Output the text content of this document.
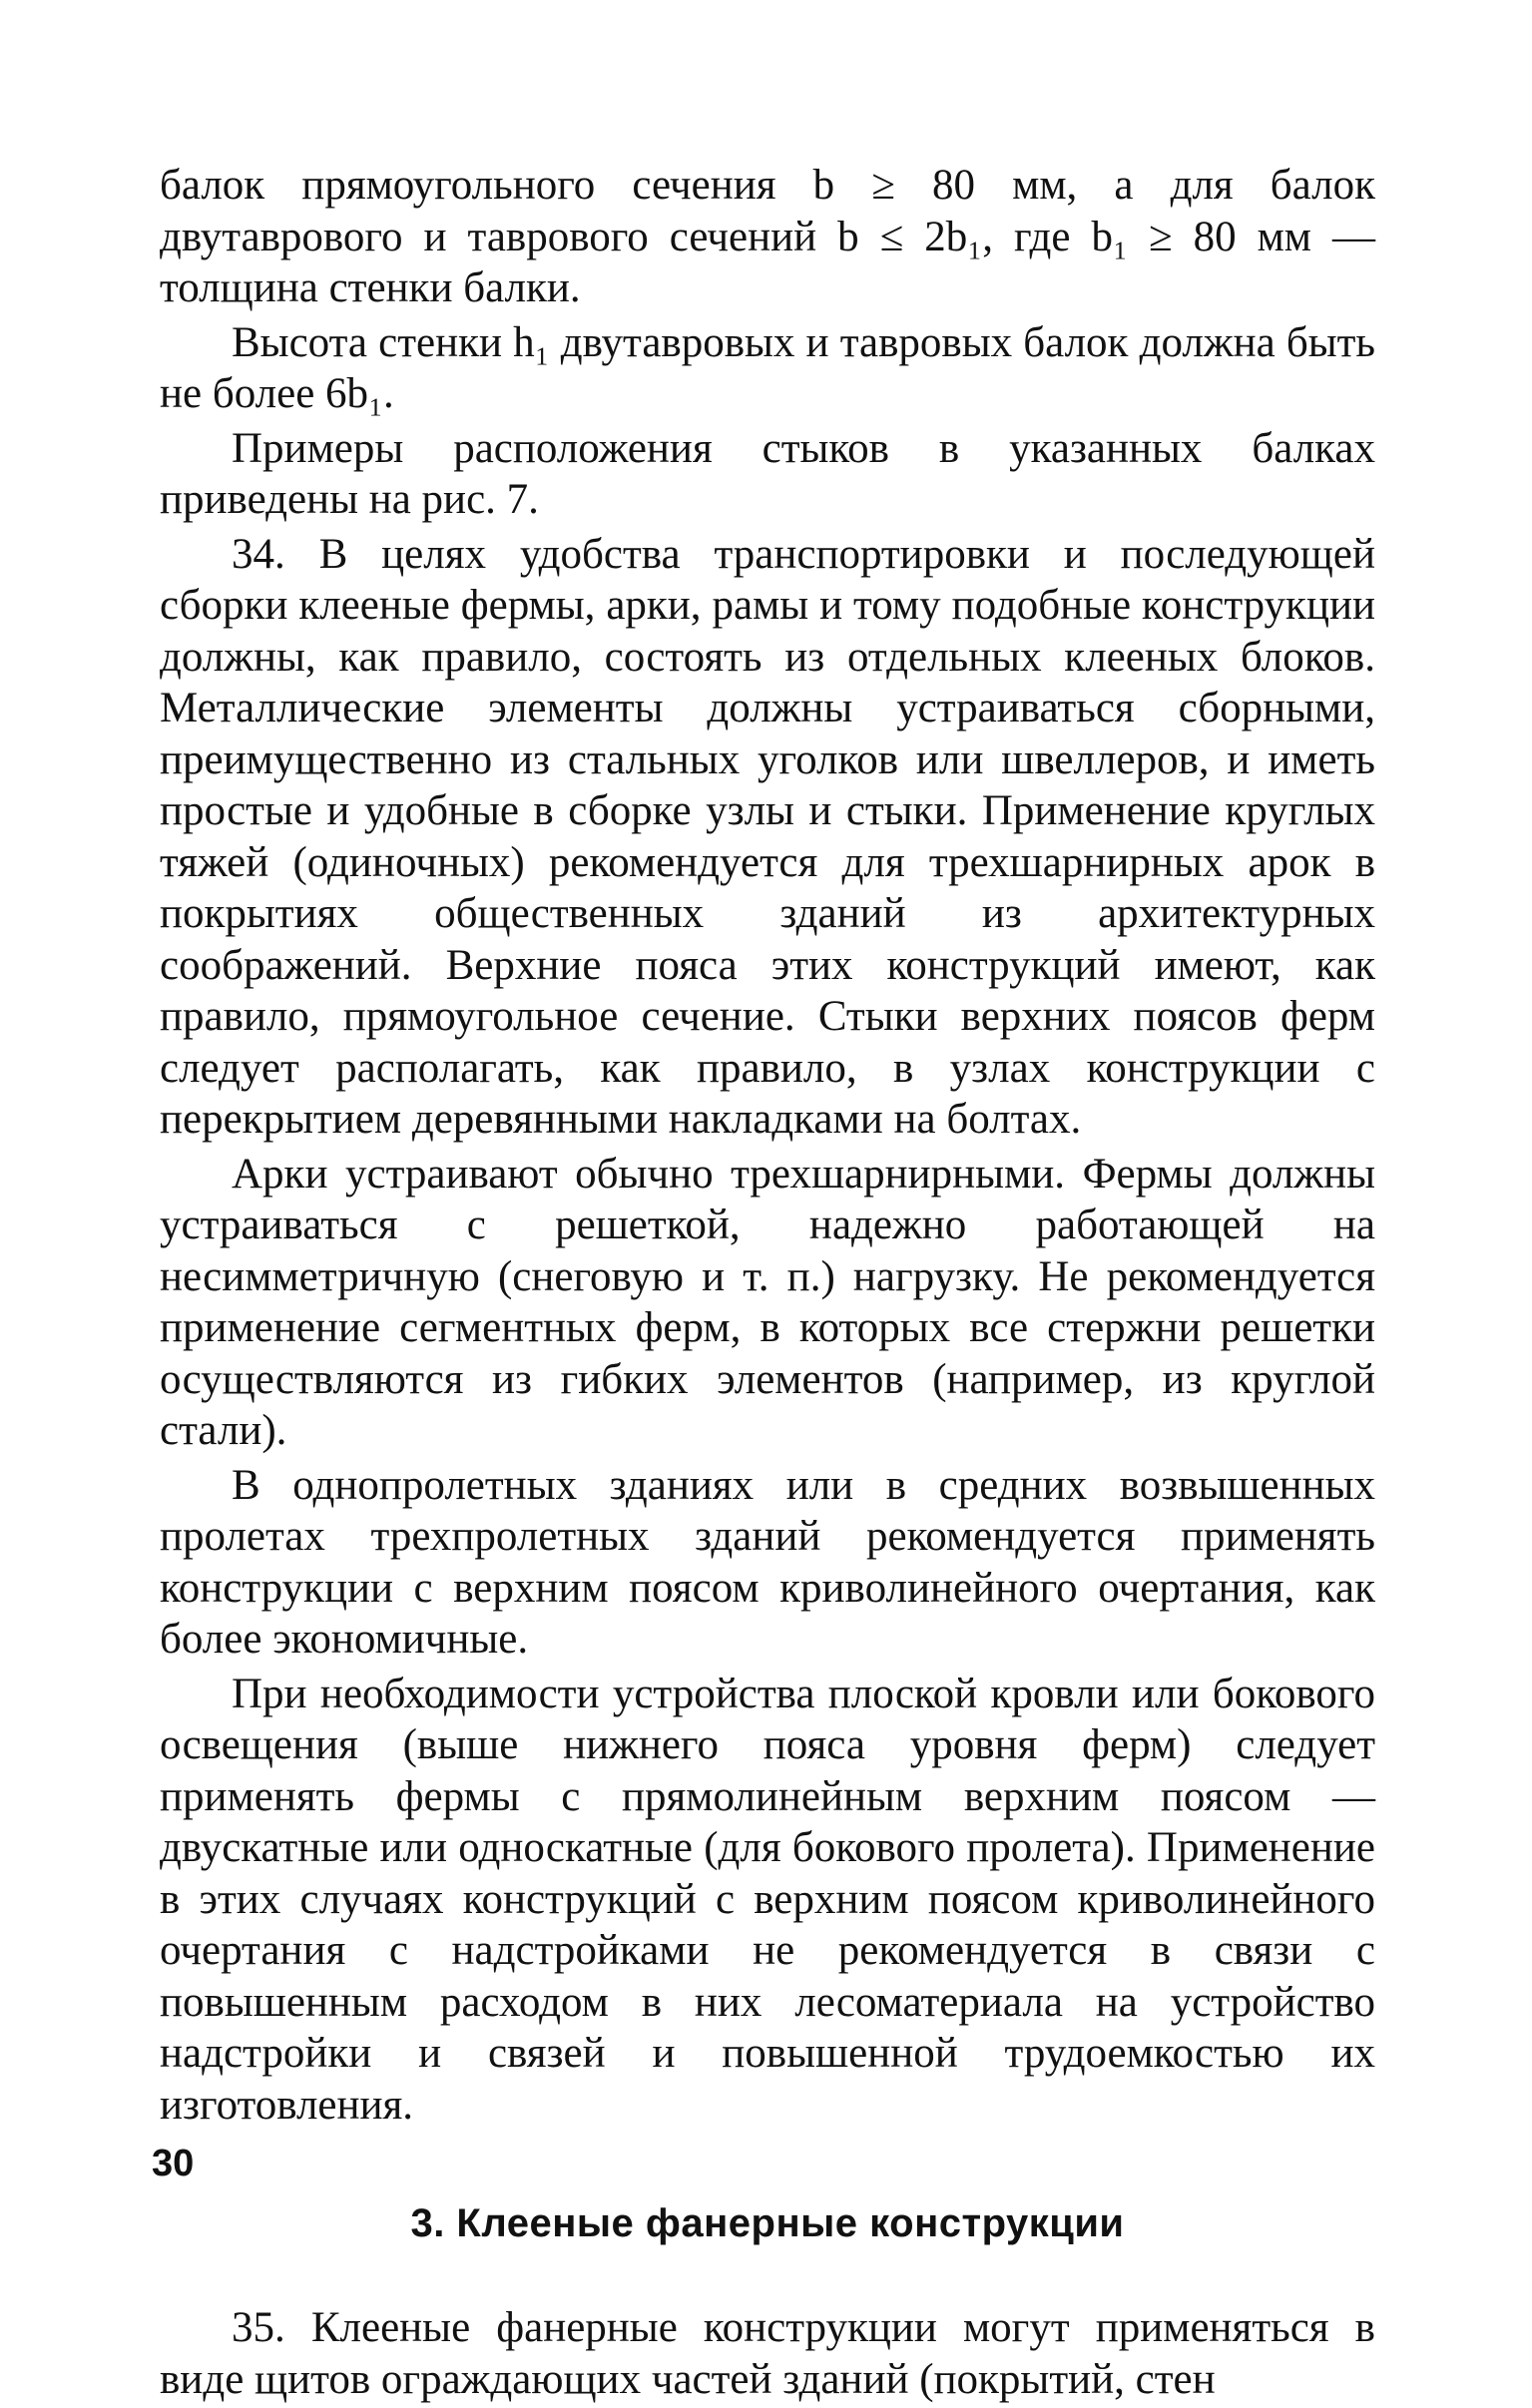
балок прямоугольного сечения b ≥ 80 мм, а для балок двутаврового и таврового сечений b ≤ 2b₁, где b₁ ≥ 80 мм — толщина стенки балки.

Высота стенки h₁ двутавровых и тавровых балок должна быть не более 6b₁.

Примеры расположения стыков в указанных балках приведены на рис. 7.

34. В целях удобства транспортировки и последующей сборки клееные фермы, арки, рамы и тому подобные конструкции должны, как правило, состоять из отдельных клееных блоков. Металлические элементы должны устраиваться сборными, преимущественно из стальных уголков или швеллеров, и иметь простые и удобные в сборке узлы и стыки. Применение круглых тяжей (одиночных) рекомендуется для трехшарнирных арок в покрытиях общественных зданий из архитектурных соображений. Верхние пояса этих конструкций имеют, как правило, прямоугольное сечение. Стыки верхних поясов ферм следует располагать, как правило, в узлах конструкции с перекрытием деревянными накладками на болтах.

Арки устраивают обычно трехшарнирными. Фермы должны устраиваться с решеткой, надежно работающей на несимметричную (снеговую и т. п.) нагрузку. Не рекомендуется применение сегментных ферм, в которых все стержни решетки осуществляются из гибких элементов (например, из круглой стали).

В однопролетных зданиях или в средних возвышенных пролетах трехпролетных зданий рекомендуется применять конструкции с верхним поясом криволинейного очертания, как более экономичные.

При необходимости устройства плоской кровли или бокового освещения (выше нижнего пояса уровня ферм) следует применять фермы с прямолинейным верхним поясом — двускатные или односкатные (для бокового пролета). Применение в этих случаях конструкций с верхним поясом криволинейного очертания с надстройками не рекомендуется в связи с повышенным расходом в них лесоматериала на устройство надстройки и связей и повышенной трудоемкостью их изготовления.

3. Клееные фанерные конструкции

35. Клееные фанерные конструкции могут применяться в виде щитов ограждающих частей зданий (покрытий, стен

30
